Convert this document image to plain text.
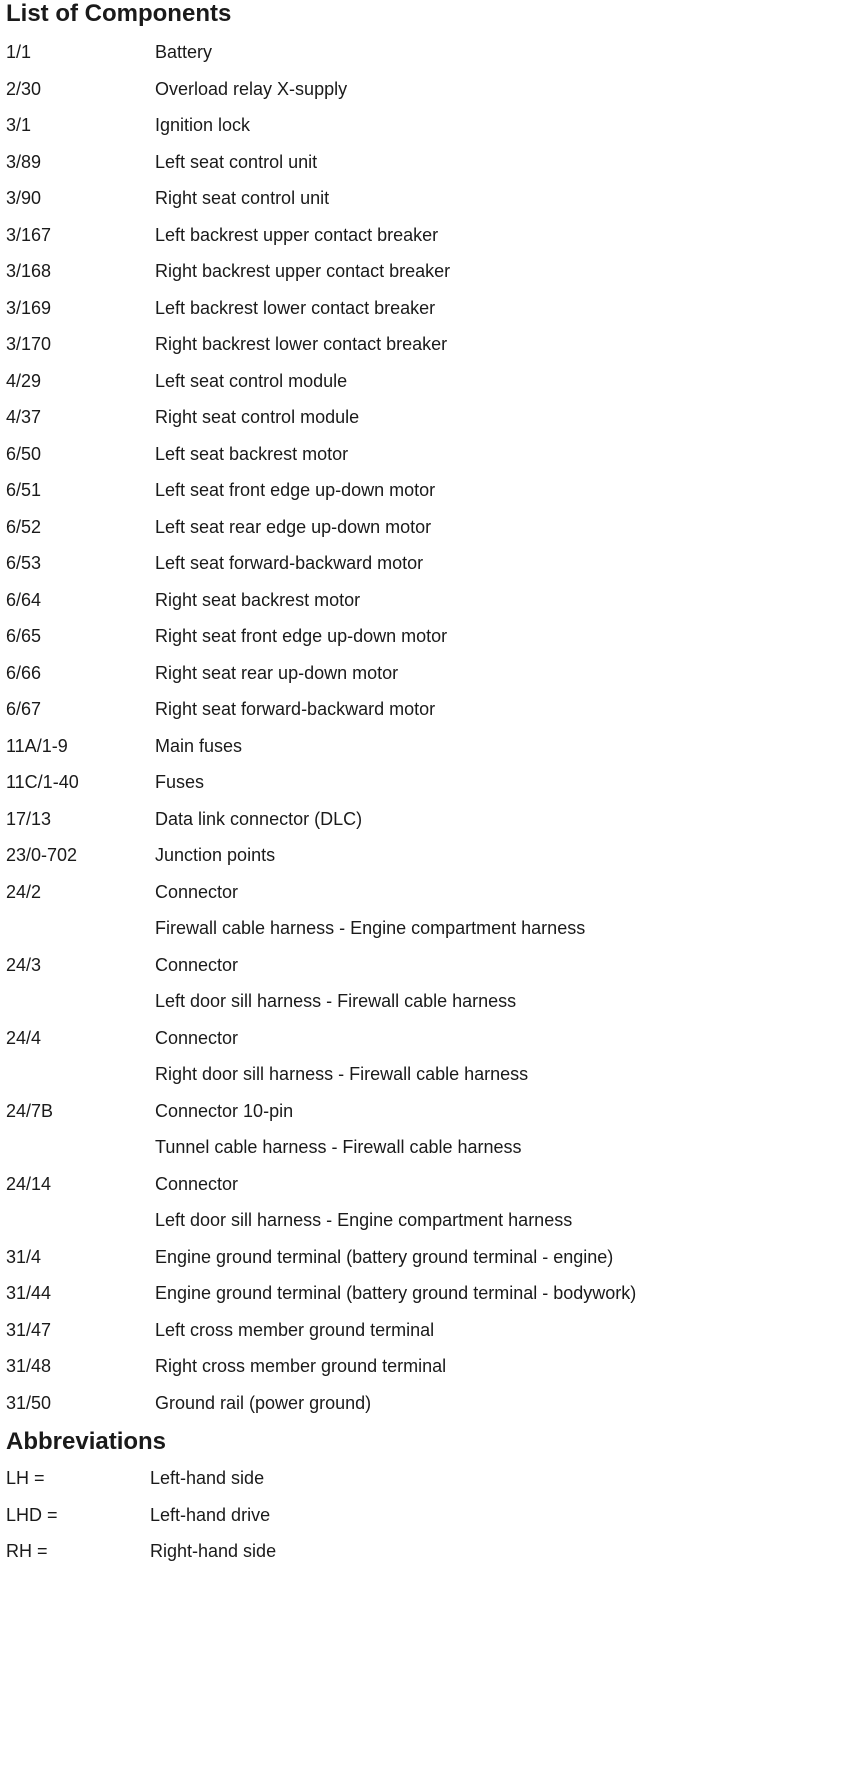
List of Components
1/1	Battery
2/30	Overload relay X-supply
3/1	Ignition lock
3/89	Left seat control unit
3/90	Right seat control unit
3/167	Left backrest upper contact breaker
3/168	Right backrest upper contact breaker
3/169	Left backrest lower contact breaker
3/170	Right backrest lower contact breaker
4/29	Left seat control module
4/37	Right seat control module
6/50	Left seat backrest motor
6/51	Left seat front edge up-down motor
6/52	Left seat rear edge up-down motor
6/53	Left seat forward-backward motor
6/64	Right seat backrest motor
6/65	Right seat front edge up-down motor
6/66	Right seat rear up-down motor
6/67	Right seat forward-backward motor
11A/1-9	Main fuses
11C/1-40	Fuses
17/13	Data link connector (DLC)
23/0-702	Junction points
24/2	Connector
Firewall cable harness - Engine compartment harness
24/3	Connector
Left door sill harness - Firewall cable harness
24/4	Connector
Right door sill harness - Firewall cable harness
24/7B	Connector 10-pin
Tunnel cable harness - Firewall cable harness
24/14	Connector
Left door sill harness - Engine compartment harness
31/4	Engine ground terminal (battery ground terminal - engine)
31/44	Engine ground terminal (battery ground terminal - bodywork)
31/47	Left cross member ground terminal
31/48	Right cross member ground terminal
31/50	Ground rail (power ground)
Abbreviations
LH =	Left-hand side
LHD =	Left-hand drive
RH =	Right-hand side
